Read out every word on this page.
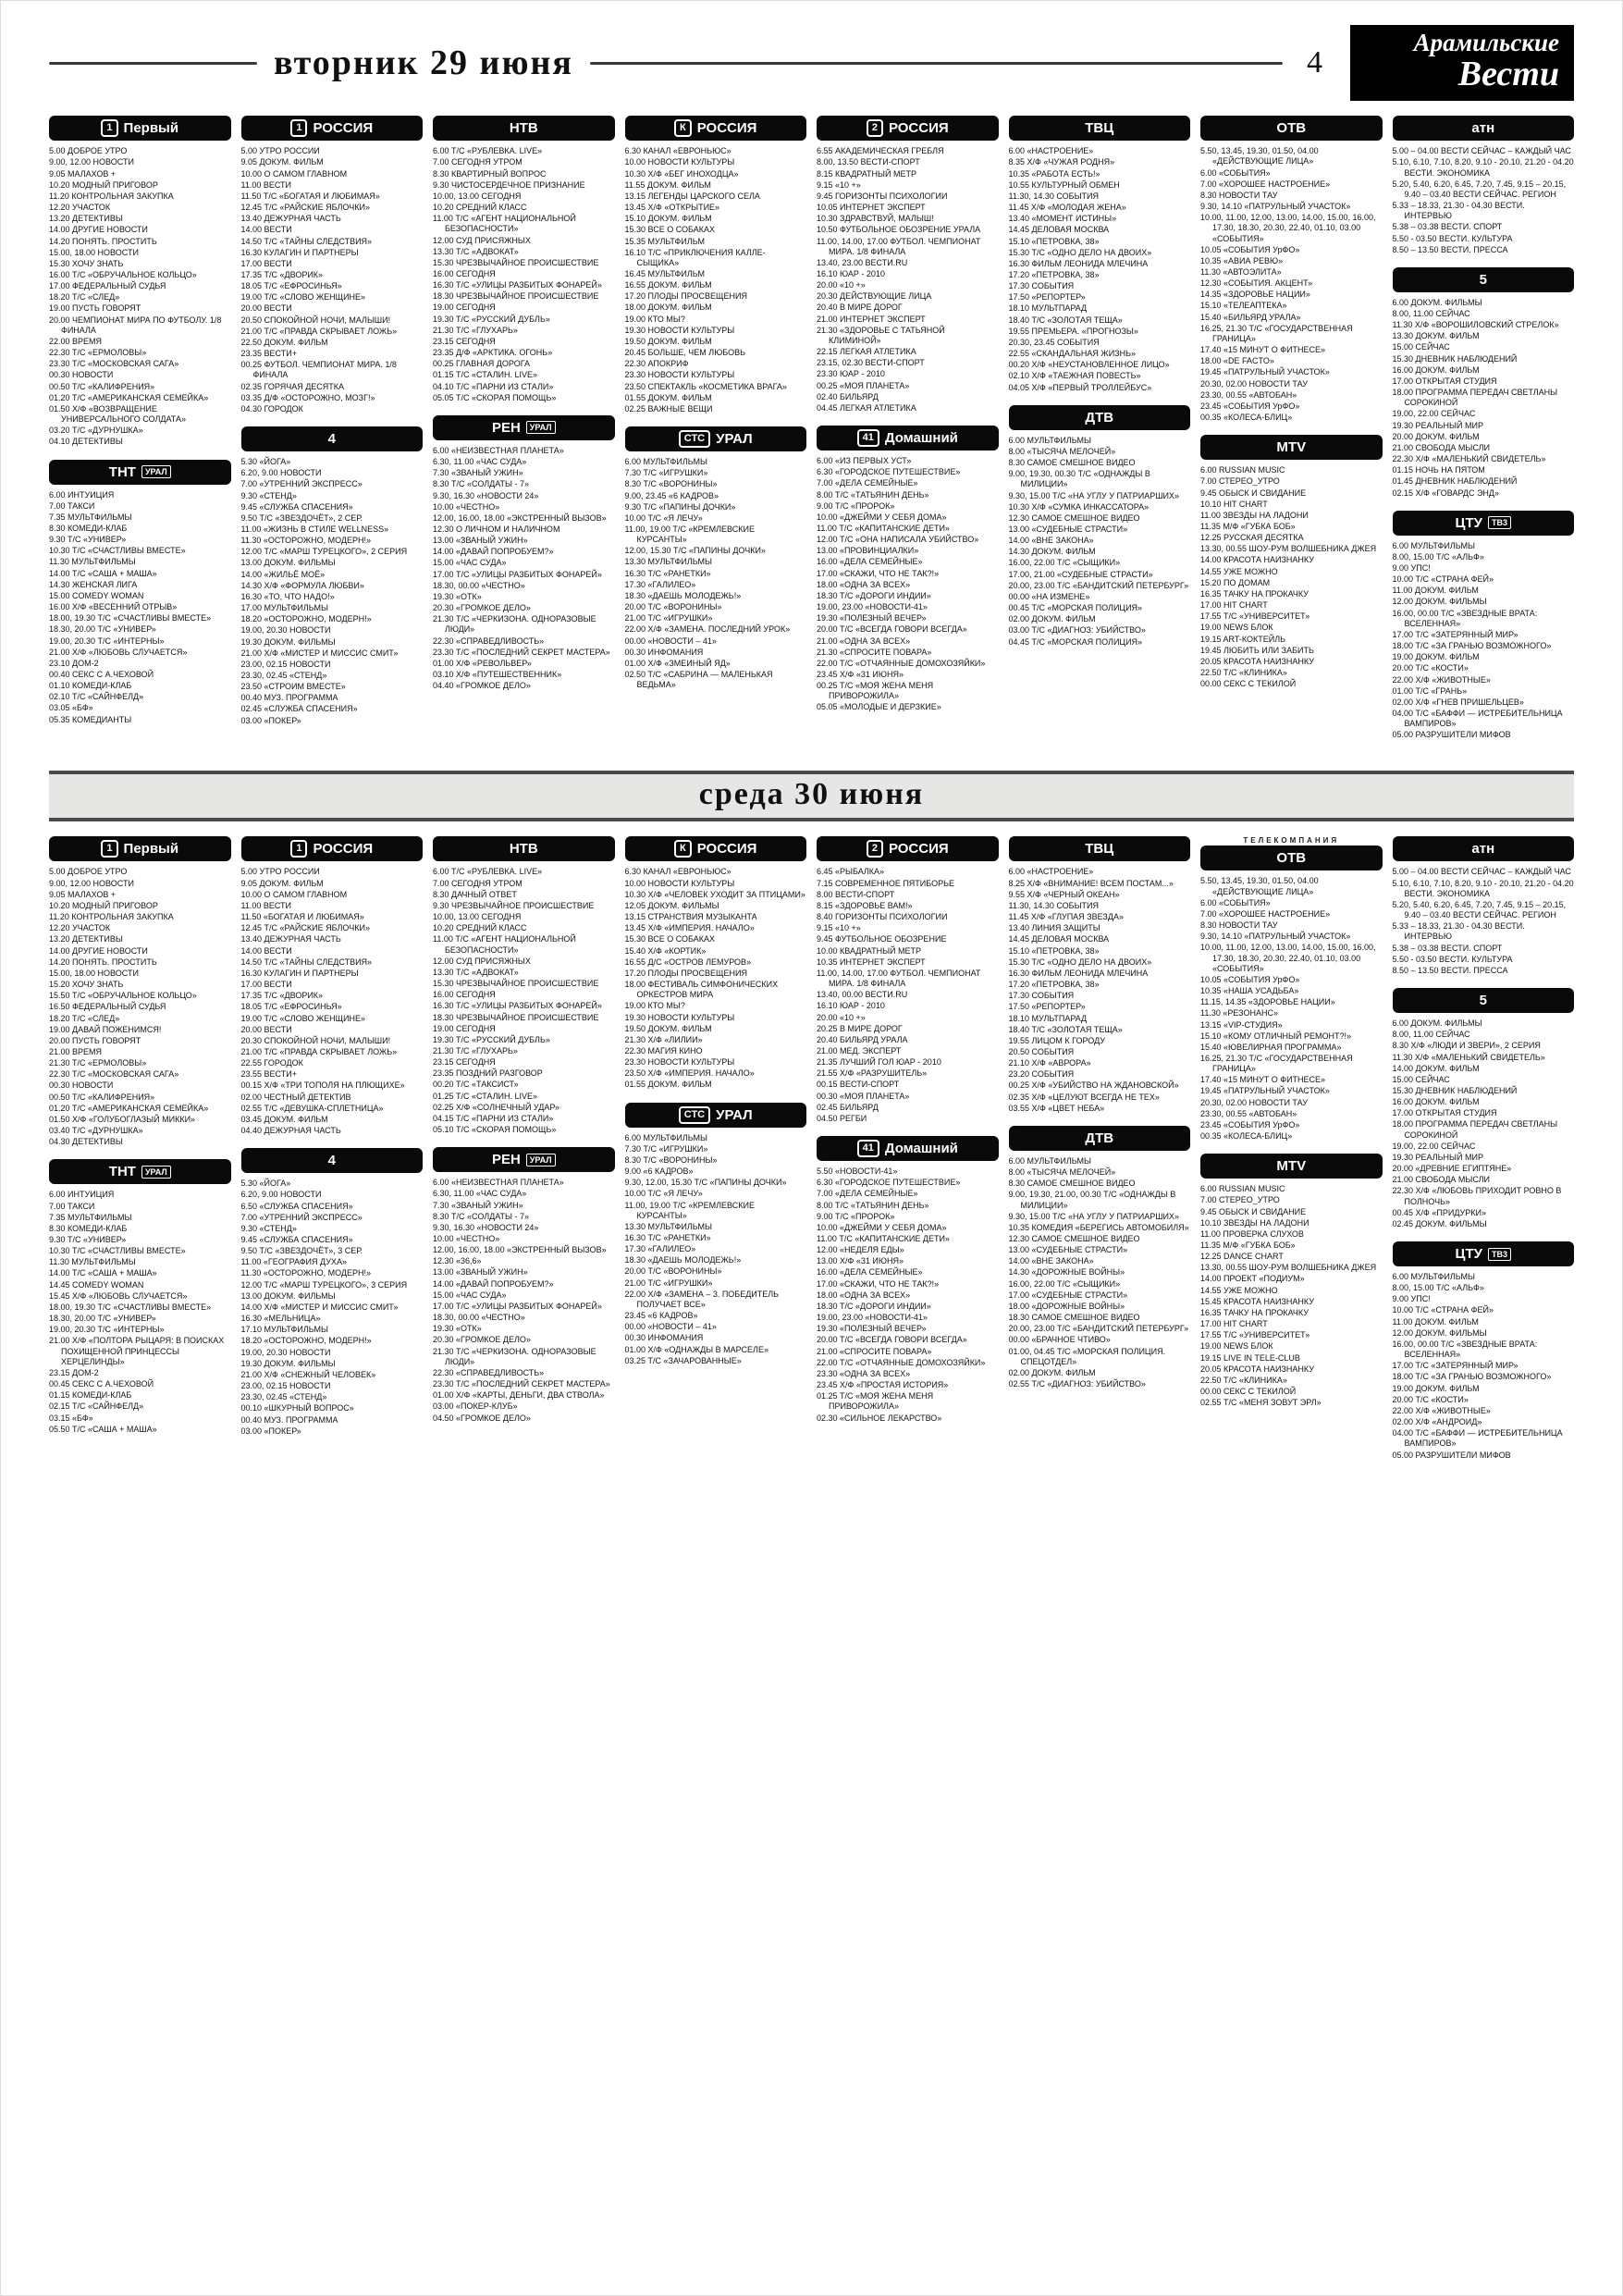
вторник 29 июня	4
Арамильские
Вести
1 Первый
5.00 ДОБРОЕ УТРО
9.00, 12.00 НОВОСТИ
9.05 МАЛАХОВ +
10.20 МОДНЫЙ ПРИГОВОР
11.20 КОНТРОЛЬНАЯ ЗАКУПКА
12.20 УЧАСТОК
13.20 ДЕТЕКТИВЫ
14.00 ДРУГИЕ НОВОСТИ
14.20 ПОНЯТЬ. ПРОСТИТЬ
15.00, 18.00 НОВОСТИ
15.30 ХОЧУ ЗНАТЬ
16.00 Т/С «ОБРУЧАЛЬНОЕ КОЛЬЦО»
17.00 ФЕДЕРАЛЬНЫЙ СУДЬЯ
18.20 Т/С «СЛЕД»
19.00 ПУСТЬ ГОВОРЯТ
20.00 ЧЕМПИОНАТ МИРА ПО ФУТБОЛУ. 1/8 ФИНАЛА
22.00 ВРЕМЯ
22.30 Т/С «ЕРМОЛОВЫ»
23.30 Т/С «МОСКОВСКАЯ САГА»
00.30 НОВОСТИ
00.50 Т/С «КАЛИФРЕНИЯ»
01.20 Т/С «АМЕРИКАНСКАЯ СЕМЕЙКА»
01.50 Х/Ф «ВОЗВРАЩЕНИЕ УНИВЕРСАЛЬНОГО СОЛДАТА»
03.20 Т/С «ДУРНУШКА»
04.10 ДЕТЕКТИВЫ
ТНТ	УРАЛ
6.00 ИНТУИЦИЯ
7.00 ТАКСИ
7.35 МУЛЬТФИЛЬМЫ
8.30 КОМЕДИ-КЛАБ
9.30 Т/С «УНИВЕР»
10.30 Т/С «СЧАСТЛИВЫ ВМЕСТЕ»
11.30 МУЛЬТФИЛЬМЫ
14.00 Т/С «САША + МАША»
14.30 ЖЕНСКАЯ ЛИГА
15.00 COMEDY WOMAN
16.00 Х/Ф «ВЕСЕННИЙ ОТРЫВ»
18.00, 19.30 Т/С «СЧАСТЛИВЫ ВМЕСТЕ»
18.30, 20.00 Т/С «УНИВЕР»
19.00, 20.30 Т/С «ИНТЕРНЫ»
21.00 Х/Ф «ЛЮБОВЬ СЛУЧАЕТСЯ»
23.10 ДОМ-2
00.40 СЕКС С А.ЧЕХОВОЙ
01.10 КОМЕДИ-КЛАБ
02.10 Т/С «САЙНФЕЛД»
03.05 «БФ»
05.35 КОМЕДИАНТЫ
1 РОССИЯ
5.00 УТРО РОССИИ
9.05 ДОКУМ. ФИЛЬМ
10.00 О САМОМ ГЛАВНОМ
11.00 ВЕСТИ
11.50 Т/С «БОГАТАЯ И ЛЮБИМАЯ»
12.45 Т/С «РАЙСКИЕ ЯБЛОЧКИ»
13.40 ДЕЖУРНАЯ ЧАСТЬ
14.00 ВЕСТИ
14.50 Т/С «ТАЙНЫ СЛЕДСТВИЯ»
16.30 КУЛАГИН И ПАРТНЕРЫ
17.00 ВЕСТИ
17.35 Т/С «ДВОРИК»
18.05 Т/С «ЕФРОСИНЬЯ»
19.00 Т/С «СЛОВО ЖЕНЩИНЕ»
20.00 ВЕСТИ
20.50 СПОКОЙНОЙ НОЧИ, МАЛЫШИ!
21.00 Т/С «ПРАВДА СКРЫВАЕТ ЛОЖЬ»
22.50 ДОКУМ. ФИЛЬМ
23.35 ВЕСТИ+
00.25 ФУТБОЛ. ЧЕМПИОНАТ МИРА. 1/8 ФИНАЛА
02.35 ГОРЯЧАЯ ДЕСЯТКА
03.35 Д/Ф «ОСТОРОЖНО, МОЗГ!»
04.30 ГОРОДОК
4
5.30 «ЙОГА»
6.20, 9.00 НОВОСТИ
7.00 «УТРЕННИЙ ЭКСПРЕСС»
9.30 «СТЕНД»
9.45 «СЛУЖБА СПАСЕНИЯ»
9.50 Т/С «ЗВЕЗДОЧЁТ», 2 СЕР.
11.00 «ЖИЗНЬ В СТИЛЕ WELLNESS»
11.30 «ОСТОРОЖНО, МОДЕРН!»
12.00 Т/С «МАРШ ТУРЕЦКОГО», 2 СЕРИЯ
13.00 ДОКУМ. ФИЛЬМЫ
14.00 «ЖИЛЬЁ МОЁ»
14.30 Х/Ф «ФОРМУЛА ЛЮБВИ»
16.30 «ТО, ЧТО НАДО!»
17.00 МУЛЬТФИЛЬМЫ
18.20 «ОСТОРОЖНО, МОДЕРН!»
19.00, 20.30 НОВОСТИ
19.30 ДОКУМ. ФИЛЬМЫ
21.00 Х/Ф «МИСТЕР И МИССИС СМИТ»
23.00, 02.15 НОВОСТИ
23.30, 02.45 «СТЕНД»
23.50 «СТРОИМ ВМЕСТЕ»
00.40 МУЗ. ПРОГРАММА
02.45 «СЛУЖБА СПАСЕНИЯ»
03.00 «ПОКЕР»
НТВ
6.00 Т/С «РУБЛЕВКА. LIVE»
7.00 СЕГОДНЯ УТРОМ
8.30 КВАРТИРНЫЙ ВОПРОС
9.30 ЧИСТОСЕРДЕЧНОЕ ПРИЗНАНИЕ
10.00, 13.00 СЕГОДНЯ
10.20 СРЕДНИЙ КЛАСС
11.00 Т/С «АГЕНТ НАЦИОНАЛЬНОЙ БЕЗОПАСНОСТИ»
12.00 СУД ПРИСЯЖНЫХ
13.30 Т/С «АДВОКАТ»
15.30 ЧРЕЗВЫЧАЙНОЕ ПРОИСШЕСТВИЕ
16.00 СЕГОДНЯ
16.30 Т/С «УЛИЦЫ РАЗБИТЫХ ФОНАРЕЙ»
18.30 ЧРЕЗВЫЧАЙНОЕ ПРОИСШЕСТВИЕ
19.00 СЕГОДНЯ
19.30 Т/С «РУССКИЙ ДУБЛЬ»
21.30 Т/С «ГЛУХАРЬ»
23.15 СЕГОДНЯ
23.35 Д/Ф «АРКТИКА. ОГОНЬ»
00.25 ГЛАВНАЯ ДОРОГА
01.15 Т/С «СТАЛИН. LIVE»
04.10 Т/С «ПАРНИ ИЗ СТАЛИ»
05.05 Т/С «СКОРАЯ ПОМОЩЬ»
РЕН	УРАЛ
6.00 «НЕИЗВЕСТНАЯ ПЛАНЕТА»
6.30, 11.00 «ЧАС СУДА»
7.30 «ЗВАНЫЙ УЖИН»
8.30 Т/С «СОЛДАТЫ - 7»
9.30, 16.30 «НОВОСТИ 24»
10.00 «ЧЕСТНО»
12.00, 16.00, 18.00 «ЭКСТРЕННЫЙ ВЫЗОВ»
12.30 О ЛИЧНОМ И НАЛИЧНОМ
13.00 «ЗВАНЫЙ УЖИН»
14.00 «ДАВАЙ ПОПРОБУЕМ?»
15.00 «ЧАС СУДА»
17.00 Т/С «УЛИЦЫ РАЗБИТЫХ ФОНАРЕЙ»
18.30, 00.00 «ЧЕСТНО»
19.30 «ОТК»
20.30 «ГРОМКОЕ ДЕЛО»
21.30 Т/С «ЧЕРКИЗОНА. ОДНОРАЗОВЫЕ ЛЮДИ»
22.30 «СПРАВЕДЛИВОСТЬ»
23.30 Т/С «ПОСЛЕДНИЙ СЕКРЕТ МАСТЕРА»
01.00 Х/Ф «РЕВОЛЬВЕР»
03.10 Х/Ф «ПУТЕШЕСТВЕННИК»
04.40 «ГРОМКОЕ ДЕЛО»
К РОССИЯ
6.30 КАНАЛ «ЕВРОНЬЮС»
10.00 НОВОСТИ КУЛЬТУРЫ
10.30 Х/Ф «БЕГ ИНОХОДЦА»
11.55 ДОКУМ. ФИЛЬМ
13.15 ЛЕГЕНДЫ ЦАРСКОГО СЕЛА
13.45 Х/Ф «ОТКРЫТИЕ»
15.10 ДОКУМ. ФИЛЬМ
15.30 ВСЕ О СОБАКАХ
15.35 МУЛЬТФИЛЬМ
16.10 Т/С «ПРИКЛЮЧЕНИЯ КАЛЛЕ-СЫЩИКА»
16.45 МУЛЬТФИЛЬМ
16.55 ДОКУМ. ФИЛЬМ
17.20 ПЛОДЫ ПРОСВЕЩЕНИЯ
18.00 ДОКУМ. ФИЛЬМ
19.00 КТО МЫ?
19.30 НОВОСТИ КУЛЬТУРЫ
19.50 ДОКУМ. ФИЛЬМ
20.45 БОЛЬШЕ, ЧЕМ ЛЮБОВЬ
22.30 АПОКРИФ
23.30 НОВОСТИ КУЛЬТУРЫ
23.50 СПЕКТАКЛЬ «КОСМЕТИКА ВРАГА»
01.55 ДОКУМ. ФИЛЬМ
02.25 ВАЖНЫЕ ВЕЩИ
СТС УРАЛ
6.00 МУЛЬТФИЛЬМЫ
7.30 Т/С «ИГРУШКИ»
8.30 Т/С «ВОРОНИНЫ»
9.00, 23.45 «6 КАДРОВ»
9.30 Т/С «ПАПИНЫ ДОЧКИ»
10.00 Т/С «Я ЛЕЧУ»
11.00, 19.00 Т/С «КРЕМЛЕВСКИЕ КУРСАНТЫ»
12.00, 15.30 Т/С «ПАПИНЫ ДОЧКИ»
13.30 МУЛЬТФИЛЬМЫ
16.30 Т/С «РАНЕТКИ»
17.30 «ГАЛИЛЕО»
18.30 «ДАЕШЬ МОЛОДЕЖЬ!»
20.00 Т/С «ВОРОНИНЫ»
21.00 Т/С «ИГРУШКИ»
22.00 Х/Ф «ЗАМЕНА. ПОСЛЕДНИЙ УРОК»
00.00 «НОВОСТИ – 41»
00.30 ИНФОМАНИЯ
01.00 Х/Ф «ЗМЕИНЫЙ ЯД»
02.50 Т/С «САБРИНА — МАЛЕНЬКАЯ ВЕДЬМА»
2 РОССИЯ
6.55 АКАДЕМИЧЕСКАЯ ГРЕБЛЯ
8.00, 13.50 ВЕСТИ-СПОРТ
8.15 КВАДРАТНЫЙ МЕТР
9.15 «10 +»
9.45 ГОРИЗОНТЫ ПСИХОЛОГИИ
10.05 ИНТЕРНЕТ ЭКСПЕРТ
10.30 ЗДРАВСТВУЙ, МАЛЫШ!
10.50 ФУТБОЛЬНОЕ ОБОЗРЕНИЕ УРАЛА
11.00, 14.00, 17.00 ФУТБОЛ. ЧЕМПИОНАТ МИРА. 1/8 ФИНАЛА
13.40, 23.00 ВЕСТИ.RU
16.10 ЮАР - 2010
20.00 «10 +»
20.30 ДЕЙСТВУЮЩИЕ ЛИЦА
20.40 В МИРЕ ДОРОГ
21.00 ИНТЕРНЕТ ЭКСПЕРТ
21.30 «ЗДОРОВЬЕ С ТАТЬЯНОЙ КЛИМИНОЙ»
22.15 ЛЕГКАЯ АТЛЕТИКА
23.15, 02.30 ВЕСТИ-СПОРТ
23.30 ЮАР - 2010
00.25 «МОЯ ПЛАНЕТА»
02.40 БИЛЬЯРД
04.45 ЛЕГКАЯ АТЛЕТИКА
41 Домашний
6.00 «ИЗ ПЕРВЫХ УСТ»
6.30 «ГОРОДСКОЕ ПУТЕШЕСТВИЕ»
7.00 «ДЕЛА СЕМЕЙНЫЕ»
8.00 Т/С «ТАТЬЯНИН ДЕНЬ»
9.00 Т/С «ПРОРОК»
10.00 «ДЖЕЙМИ У СЕБЯ ДОМА»
11.00 Т/С «КАПИТАНСКИЕ ДЕТИ»
12.00 Т/С «ОНА НАПИСАЛА УБИЙСТВО»
13.00 «ПРОВИНЦИАЛКИ»
16.00 «ДЕЛА СЕМЕЙНЫЕ»
17.00 «СКАЖИ, ЧТО НЕ ТАК?!»
18.00 «ОДНА ЗА ВСЕХ»
18.30 Т/С «ДОРОГИ ИНДИИ»
19.00, 23.00 «НОВОСТИ-41»
19.30 «ПОЛЕЗНЫЙ ВЕЧЕР»
20.00 Т/С «ВСЕГДА ГОВОРИ ВСЕГДА»
21.00 «ОДНА ЗА ВСЕХ»
21.30 «СПРОСИТЕ ПОВАРА»
22.00 Т/С «ОТЧАЯННЫЕ ДОМОХОЗЯЙКИ»
23.45 Х/Ф «31 ИЮНЯ»
00.25 Т/С «МОЯ ЖЕНА МЕНЯ ПРИВОРОЖИЛА»
05.05 «МОЛОДЫЕ И ДЕРЗКИЕ»
ТВЦ
6.00 «НАСТРОЕНИЕ»
8.35 Х/Ф «ЧУЖАЯ РОДНЯ»
10.35 «РАБОТА ЕСТЬ!»
10.55 КУЛЬТУРНЫЙ ОБМЕН
11.30, 14.30 СОБЫТИЯ
11.45 Х/Ф «МОЛОДАЯ ЖЕНА»
13.40 «МОМЕНТ ИСТИНЫ»
14.45 ДЕЛОВАЯ МОСКВА
15.10 «ПЕТРОВКА, 38»
15.30 Т/С «ОДНО ДЕЛО НА ДВОИХ»
16.30 ФИЛЬМ ЛЕОНИДА МЛЕЧИНА
17.20 «ПЕТРОВКА, 38»
17.30 СОБЫТИЯ
17.50 «РЕПОРТЕР»
18.10 МУЛЬТПАРАД
18.40 Т/С «ЗОЛОТАЯ ТЕЩА»
19.55 ПРЕМЬЕРА. «ПРОГНОЗЫ»
20.30, 23.45 СОБЫТИЯ
22.55 «СКАНДАЛЬНАЯ ЖИЗНЬ»
00.20 Х/Ф «НЕУСТАНОВЛЕННОЕ ЛИЦО»
02.10 Х/Ф «ТАЕЖНАЯ ПОВЕСТЬ»
04.05 Х/Ф «ПЕРВЫЙ ТРОЛЛЕЙБУС»
ДТВ
6.00 МУЛЬТФИЛЬМЫ
8.00 «ТЫСЯЧА МЕЛОЧЕЙ»
8.30 САМОЕ СМЕШНОЕ ВИДЕО
9.00, 19.30, 00.30 Т/С «ОДНАЖДЫ В МИЛИЦИИ»
9.30, 15.00 Т/С «НА УГЛУ У ПАТРИАРШИХ»
10.30 Х/Ф «СУМКА ИНКАССАТОРА»
12.30 САМОЕ СМЕШНОЕ ВИДЕО
13.00 «СУДЕБНЫЕ СТРАСТИ»
14.00 «ВНЕ ЗАКОНА»
14.30 ДОКУМ. ФИЛЬМ
16.00, 22.00 Т/С «СЫЩИКИ»
17.00, 21.00 «СУДЕБНЫЕ СТРАСТИ»
20.00, 23.00 Т/С «БАНДИТСКИЙ ПЕТЕРБУРГ»
00.00 «НА ИЗМЕНЕ»
00.45 Т/С «МОРСКАЯ ПОЛИЦИЯ»
02.00 ДОКУМ. ФИЛЬМ
03.00 Т/С «ДИАГНОЗ: УБИЙСТВО»
04.45 Т/С «МОРСКАЯ ПОЛИЦИЯ»
ОТВ
5.50, 13.45, 19.30, 01.50, 04.00 «ДЕЙСТВУЮЩИЕ ЛИЦА»
6.00 «СОБЫТИЯ»
7.00 «ХОРОШЕЕ НАСТРОЕНИЕ»
8.30 НОВОСТИ ТАУ
9.30, 14.10 «ПАТРУЛЬНЫЙ УЧАСТОК»
10.00, 11.00, 12.00, 13.00, 14.00, 15.00, 16.00, 17.30, 18.30, 20.30, 22.40, 01.10, 03.00 «СОБЫТИЯ»
10.05 «СОБЫТИЯ УрФО»
10.35 «АВИА РЕВЮ»
11.30 «АВТОЭЛИТА»
12.30 «СОБЫТИЯ. АКЦЕНТ»
14.35 «ЗДОРОВЬЕ НАЦИИ»
15.10 «ТЕЛЕАПТЕКА»
15.40 «БИЛЬЯРД УРАЛА»
16.25, 21.30 Т/С «ГОСУДАРСТВЕННАЯ ГРАНИЦА»
17.40 «15 МИНУТ О ФИТНЕСЕ»
18.00 «DE FACTO»
19.45 «ПАТРУЛЬНЫЙ УЧАСТОК»
20.30, 02.00 НОВОСТИ ТАУ
23.30, 00.55 «АВТОБАН»
23.45 «СОБЫТИЯ УрФО»
00.35 «КОЛЕСА-БЛИЦ»
MTV
6.00 RUSSIAN MUSIC
7.00 СТЕРЕО_УТРО
9.45 ОБЫСК И СВИДАНИЕ
10.10 HIT CHART
11.00 ЗВЕЗДЫ НА ЛАДОНИ
11.35 М/Ф «ГУБКА БОБ»
12.25 РУССКАЯ ДЕСЯТКА
13.30, 00.55 ШОУ-РУМ ВОЛШЕБНИКА ДЖЕЯ
14.00 КРАСОТА НАИЗНАНКУ
14.55 УЖЕ МОЖНО
15.20 ПО ДОМАМ
16.35 ТАЧКУ НА ПРОКАЧКУ
17.00 HIT CHART
17.55 Т/С «УНИВЕРСИТЕТ»
19.00 NEWS БЛОК
19.15 ART-КОКТЕЙЛЬ
19.45 ЛЮБИТЬ ИЛИ ЗАБИТЬ
20.05 КРАСОТА НАИЗНАНКУ
22.50 Т/С «КЛИНИКА»
00.00 СЕКС С ТЕКИЛОЙ
атн
5.00 – 04.00 ВЕСТИ СЕЙЧАС – КАЖДЫЙ ЧАС
5.10, 6.10, 7.10, 8.20, 9.10 - 20.10, 21.20 - 04.20 ВЕСТИ. ЭКОНОМИКА
5.20, 5.40, 6.20, 6.45, 7.20, 7.45, 9.15 – 20.15, 9.40 – 03.40 ВЕСТИ СЕЙЧАС. РЕГИОН
5.33 – 18.33, 21.30 - 04.30 ВЕСТИ. ИНТЕРВЬЮ
5.38 – 03.38 ВЕСТИ. СПОРТ
5.50 - 03.50 ВЕСТИ. КУЛЬТУРА
8.50 – 13.50 ВЕСТИ. ПРЕССА
5
6.00 ДОКУМ. ФИЛЬМЫ
8.00, 11.00 СЕЙЧАС
11.30 Х/Ф «ВОРОШИЛОВСКИЙ СТРЕЛОК»
13.30 ДОКУМ. ФИЛЬМ
15.00 СЕЙЧАС
15.30 ДНЕВНИК НАБЛЮДЕНИЙ
16.00 ДОКУМ. ФИЛЬМ
17.00 ОТКРЫТАЯ СТУДИЯ
18.00 ПРОГРАММА ПЕРЕДАЧ СВЕТЛАНЫ СОРОКИНОЙ
19.00, 22.00 СЕЙЧАС
19.30 РЕАЛЬНЫЙ МИР
20.00 ДОКУМ. ФИЛЬМ
21.00 СВОБОДА МЫСЛИ
22.30 Х/Ф «МАЛЕНЬКИЙ СВИДЕТЕЛЬ»
01.15 НОЧЬ НА ПЯТОМ
01.45 ДНЕВНИК НАБЛЮДЕНИЙ
02.15 Х/Ф «ГОВАРДС ЭНД»
ЦТУ	ТВ3
6.00 МУЛЬТФИЛЬМЫ
8.00, 15.00 Т/С «АЛЬФ»
9.00 УПС!
10.00 Т/С «СТРАНА ФЕЙ»
11.00 ДОКУМ. ФИЛЬМ
12.00 ДОКУМ. ФИЛЬМЫ
16.00, 00.00 Т/С «ЗВЕЗДНЫЕ ВРАТА: ВСЕЛЕННАЯ»
17.00 Т/С «ЗАТЕРЯННЫЙ МИР»
18.00 Т/С «ЗА ГРАНЬЮ ВОЗМОЖНОГО»
19.00 ДОКУМ. ФИЛЬМ
20.00 Т/С «КОСТИ»
22.00 Х/Ф «ЖИВОТНЫЕ»
01.00 Т/С «ГРАНЬ»
02.00 Х/Ф «ГНЕВ ПРИШЕЛЬЦЕВ»
04.00 Т/С «БАФФИ — ИСТРЕБИТЕЛЬНИЦА ВАМПИРОВ»
05.00 РАЗРУШИТЕЛИ МИФОВ
среда 30 июня
1 Первый
5.00 ДОБРОЕ УТРО
9.00, 12.00 НОВОСТИ
9.05 МАЛАХОВ +
10.20 МОДНЫЙ ПРИГОВОР
11.20 КОНТРОЛЬНАЯ ЗАКУПКА
12.20 УЧАСТОК
13.20 ДЕТЕКТИВЫ
14.00 ДРУГИЕ НОВОСТИ
14.20 ПОНЯТЬ. ПРОСТИТЬ
15.00, 18.00 НОВОСТИ
15.20 ХОЧУ ЗНАТЬ
15.50 Т/С «ОБРУЧАЛЬНОЕ КОЛЬЦО»
16.50 ФЕДЕРАЛЬНЫЙ СУДЬЯ
18.20 Т/С «СЛЕД»
19.00 ДАВАЙ ПОЖЕНИМСЯ!
20.00 ПУСТЬ ГОВОРЯТ
21.00 ВРЕМЯ
21.30 Т/С «ЕРМОЛОВЫ»
22.30 Т/С «МОСКОВСКАЯ САГА»
00.30 НОВОСТИ
00.50 Т/С «КАЛИФРЕНИЯ»
01.20 Т/С «АМЕРИКАНСКАЯ СЕМЕЙКА»
01.50 Х/Ф «ГОЛУБОГЛАЗЫЙ МИККИ»
03.40 Т/С «ДУРНУШКА»
04.30 ДЕТЕКТИВЫ
ТНТ	УРАЛ
6.00 ИНТУИЦИЯ
7.00 ТАКСИ
7.35 МУЛЬТФИЛЬМЫ
8.30 КОМЕДИ-КЛАБ
9.30 Т/С «УНИВЕР»
10.30 Т/С «СЧАСТЛИВЫ ВМЕСТЕ»
11.30 МУЛЬТФИЛЬМЫ
14.00 Т/С «САША + МАША»
14.45 COMEDY WOMAN
15.45 Х/Ф «ЛЮБОВЬ СЛУЧАЕТСЯ»
18.00, 19.30 Т/С «СЧАСТЛИВЫ ВМЕСТЕ»
18.30, 20.00 Т/С «УНИВЕР»
19.00, 20.30 Т/С «ИНТЕРНЫ»
21.00 Х/Ф «ПОЛТОРА РЫЦАРЯ: В ПОИСКАХ ПОХИЩЕННОЙ ПРИНЦЕССЫ ХЕРЦЕЛИНДЫ»
23.15 ДОМ-2
00.45 СЕКС С А.ЧЕХОВОЙ
01.15 КОМЕДИ-КЛАБ
02.15 Т/С «САЙНФЕЛД»
03.15 «БФ»
05.50 Т/С «САША + МАША»
1 РОССИЯ
5.00 УТРО РОССИИ
9.05 ДОКУМ. ФИЛЬМ
10.00 О САМОМ ГЛАВНОМ
11.00 ВЕСТИ
11.50 «БОГАТАЯ И ЛЮБИМАЯ»
12.45 Т/С «РАЙСКИЕ ЯБЛОЧКИ»
13.40 ДЕЖУРНАЯ ЧАСТЬ
14.00 ВЕСТИ
14.50 Т/С «ТАЙНЫ СЛЕДСТВИЯ»
16.30 КУЛАГИН И ПАРТНЕРЫ
17.00 ВЕСТИ
17.35 Т/С «ДВОРИК»
18.05 Т/С «ЕФРОСИНЬЯ»
19.00 Т/С «СЛОВО ЖЕНЩИНЕ»
20.00 ВЕСТИ
20.30 СПОКОЙНОЙ НОЧИ, МАЛЫШИ!
21.00 Т/С «ПРАВДА СКРЫВАЕТ ЛОЖЬ»
22.55 ГОРОДОК
23.55 ВЕСТИ+
00.15 Х/Ф «ТРИ ТОПОЛЯ НА ПЛЮЩИХЕ»
02.00 ЧЕСТНЫЙ ДЕТЕКТИВ
02.55 Т/С «ДЕВУШКА-СПЛЕТНИЦА»
03.45 ДОКУМ. ФИЛЬМ
04.40 ДЕЖУРНАЯ ЧАСТЬ
4
5.30 «ЙОГА»
6.20, 9.00 НОВОСТИ
6.50 «СЛУЖБА СПАСЕНИЯ»
7.00 «УТРЕННИЙ ЭКСПРЕСС»
9.30 «СТЕНД»
9.45 «СЛУЖБА СПАСЕНИЯ»
9.50 Т/С «ЗВЕЗДОЧЁТ», 3 СЕР.
11.00 «ГЕОГРАФИЯ ДУХА»
11.30 «ОСТОРОЖНО, МОДЕРН!»
12.00 Т/С «МАРШ ТУРЕЦКОГО», 3 СЕРИЯ
13.00 ДОКУМ. ФИЛЬМЫ
14.00 Х/Ф «МИСТЕР И МИССИС СМИТ»
16.30 «МЕЛЬНИЦА»
17.10 МУЛЬТФИЛЬМЫ
18.20 «ОСТОРОЖНО, МОДЕРН!»
19.00, 20.30 НОВОСТИ
19.30 ДОКУМ. ФИЛЬМЫ
21.00 Х/Ф «СНЕЖНЫЙ ЧЕЛОВЕК»
23.00, 02.15 НОВОСТИ
23.30, 02.45 «СТЕНД»
00.10 «ШКУРНЫЙ ВОПРОС»
00.40 МУЗ. ПРОГРАММА
03.00 «ПОКЕР»
НТВ
6.00 Т/С «РУБЛЕВКА. LIVE»
7.00 СЕГОДНЯ УТРОМ
8.30 ДАЧНЫЙ ОТВЕТ
9.30 ЧРЕЗВЫЧАЙНОЕ ПРОИСШЕСТВИЕ
10.00, 13.00 СЕГОДНЯ
10.20 СРЕДНИЙ КЛАСС
11.00 Т/С «АГЕНТ НАЦИОНАЛЬНОЙ БЕЗОПАСНОСТИ»
12.00 СУД ПРИСЯЖНЫХ
13.30 Т/С «АДВОКАТ»
15.30 ЧРЕЗВЫЧАЙНОЕ ПРОИСШЕСТВИЕ
16.00 СЕГОДНЯ
16.30 Т/С «УЛИЦЫ РАЗБИТЫХ ФОНАРЕЙ»
18.30 ЧРЕЗВЫЧАЙНОЕ ПРОИСШЕСТВИЕ
19.00 СЕГОДНЯ
19.30 Т/С «РУССКИЙ ДУБЛЬ»
21.30 Т/С «ГЛУХАРЬ»
23.15 СЕГОДНЯ
23.35 ПОЗДНИЙ РАЗГОВОР
00.20 Т/С «ТАКСИСТ»
01.25 Т/С «СТАЛИН. LIVE»
02.25 Х/Ф «СОЛНЕЧНЫЙ УДАР»
04.15 Т/С «ПАРНИ ИЗ СТАЛИ»
05.10 Т/С «СКОРАЯ ПОМОЩЬ»
РЕН	УРАЛ
6.00 «НЕИЗВЕСТНАЯ ПЛАНЕТА»
6.30, 11.00 «ЧАС СУДА»
7.30 «ЗВАНЫЙ УЖИН»
8.30 Т/С «СОЛДАТЫ - 7»
9.30, 16.30 «НОВОСТИ 24»
10.00 «ЧЕСТНО»
12.00, 16.00, 18.00 «ЭКСТРЕННЫЙ ВЫЗОВ»
12.30 «36,6»
13.00 «ЗВАНЫЙ УЖИН»
14.00 «ДАВАЙ ПОПРОБУЕМ?»
15.00 «ЧАС СУДА»
17.00 Т/С «УЛИЦЫ РАЗБИТЫХ ФОНАРЕЙ»
18.30, 00.00 «ЧЕСТНО»
19.30 «ОТК»
20.30 «ГРОМКОЕ ДЕЛО»
21.30 Т/С «ЧЕРКИЗОНА. ОДНОРАЗОВЫЕ ЛЮДИ»
22.30 «СПРАВЕДЛИВОСТЬ»
23.30 Т/С «ПОСЛЕДНИЙ СЕКРЕТ МАСТЕРА»
01.00 Х/Ф «КАРТЫ, ДЕНЬГИ, ДВА СТВОЛА»
03.00 «ПОКЕР-КЛУБ»
04.50 «ГРОМКОЕ ДЕЛО»
К РОССИЯ
6.30 КАНАЛ «ЕВРОНЬЮС»
10.00 НОВОСТИ КУЛЬТУРЫ
10.30 Х/Ф «ЧЕЛОВЕК УХОДИТ ЗА ПТИЦАМИ»
12.05 ДОКУМ. ФИЛЬМЫ
13.15 СТРАНСТВИЯ МУЗЫКАНТА
13.45 Х/Ф «ИМПЕРИЯ. НАЧАЛО»
15.30 ВСЕ О СОБАКАХ
15.40 Х/Ф «КОРТИК»
16.55 Д/С «ОСТРОВ ЛЕМУРОВ»
17.20 ПЛОДЫ ПРОСВЕЩЕНИЯ
18.00 ФЕСТИВАЛЬ СИМФОНИЧЕСКИХ ОРКЕСТРОВ МИРА
19.00 КТО МЫ?
19.30 НОВОСТИ КУЛЬТУРЫ
19.50 ДОКУМ. ФИЛЬМ
21.30 Х/Ф «ЛИЛИИ»
22.30 МАГИЯ КИНО
23.30 НОВОСТИ КУЛЬТУРЫ
23.50 Х/Ф «ИМПЕРИЯ. НАЧАЛО»
01.55 ДОКУМ. ФИЛЬМ
СТС УРАЛ
6.00 МУЛЬТФИЛЬМЫ
7.30 Т/С «ИГРУШКИ»
8.30 Т/С «ВОРОНИНЫ»
9.00 «6 КАДРОВ»
9.30, 12.00, 15.30 Т/С «ПАПИНЫ ДОЧКИ»
10.00 Т/С «Я ЛЕЧУ»
11.00, 19.00 Т/С «КРЕМЛЕВСКИЕ КУРСАНТЫ»
13.30 МУЛЬТФИЛЬМЫ
16.30 Т/С «РАНЕТКИ»
17.30 «ГАЛИЛЕО»
18.30 «ДАЕШЬ МОЛОДЕЖЬ!»
20.00 Т/С «ВОРОНИНЫ»
21.00 Т/С «ИГРУШКИ»
22.00 Х/Ф «ЗАМЕНА – 3. ПОБЕДИТЕЛЬ ПОЛУЧАЕТ ВСЕ»
23.45 «6 КАДРОВ»
00.00 «НОВОСТИ – 41»
00.30 ИНФОМАНИЯ
01.00 Х/Ф «ОДНАЖДЫ В МАРСЕЛЕ»
03.25 Т/С «ЗАЧАРОВАННЫЕ»
2 РОССИЯ
6.45 «РЫБАЛКА»
7.15 СОВРЕМЕННОЕ ПЯТИБОРЬЕ
8.00 ВЕСТИ-СПОРТ
8.15 «ЗДОРОВЬЕ ВАМ!»
8.40 ГОРИЗОНТЫ ПСИХОЛОГИИ
9.15 «10 +»
9.45 ФУТБОЛЬНОЕ ОБОЗРЕНИЕ
10.00 КВАДРАТНЫЙ МЕТР
10.35 ИНТЕРНЕТ ЭКСПЕРТ
11.00, 14.00, 17.00 ФУТБОЛ. ЧЕМПИОНАТ МИРА. 1/8 ФИНАЛА
13.40, 00.00 ВЕСТИ.RU
16.10 ЮАР - 2010
20.00 «10 +»
20.25 В МИРЕ ДОРОГ
20.40 БИЛЬЯРД УРАЛА
21.00 МЕД. ЭКСПЕРТ
21.35 ЛУЧШИЙ ГОЛ ЮАР - 2010
21.55 Х/Ф «РАЗРУШИТЕЛЬ»
00.15 ВЕСТИ-СПОРТ
00.30 «МОЯ ПЛАНЕТА»
02.45 БИЛЬЯРД
04.50 РЕГБИ
41 Домашний
5.50 «НОВОСТИ-41»
6.30 «ГОРОДСКОЕ ПУТЕШЕСТВИЕ»
7.00 «ДЕЛА СЕМЕЙНЫЕ»
8.00 Т/С «ТАТЬЯНИН ДЕНЬ»
9.00 Т/С «ПРОРОК»
10.00 «ДЖЕЙМИ У СЕБЯ ДОМА»
11.00 Т/С «КАПИТАНСКИЕ ДЕТИ»
12.00 «НЕДЕЛЯ ЕДЫ»
13.00 Х/Ф «31 ИЮНЯ»
16.00 «ДЕЛА СЕМЕЙНЫЕ»
17.00 «СКАЖИ, ЧТО НЕ ТАК?!»
18.00 «ОДНА ЗА ВСЕХ»
18.30 Т/С «ДОРОГИ ИНДИИ»
19.00, 23.00 «НОВОСТИ-41»
19.30 «ПОЛЕЗНЫЙ ВЕЧЕР»
20.00 Т/С «ВСЕГДА ГОВОРИ ВСЕГДА»
21.00 «СПРОСИТЕ ПОВАРА»
22.00 Т/С «ОТЧАЯННЫЕ ДОМОХОЗЯЙКИ»
23.30 «ОДНА ЗА ВСЕХ»
23.45 Х/Ф «ПРОСТАЯ ИСТОРИЯ»
01.25 Т/С «МОЯ ЖЕНА МЕНЯ ПРИВОРОЖИЛА»
02.30 «СИЛЬНОЕ ЛЕКАРСТВО»
ТВЦ
6.00 «НАСТРОЕНИЕ»
8.25 Х/Ф «ВНИМАНИЕ! ВСЕМ ПОСТАМ...»
9.55 Х/Ф «ЧЕРНЫЙ ОКЕАН»
11.30, 14.30 СОБЫТИЯ
11.45 Х/Ф «ГЛУПАЯ ЗВЕЗДА»
13.40 ЛИНИЯ ЗАЩИТЫ
14.45 ДЕЛОВАЯ МОСКВА
15.10 «ПЕТРОВКА, 38»
15.30 Т/С «ОДНО ДЕЛО НА ДВОИХ»
16.30 ФИЛЬМ ЛЕОНИДА МЛЕЧИНА
17.20 «ПЕТРОВКА, 38»
17.30 СОБЫТИЯ
17.50 «РЕПОРТЕР»
18.10 МУЛЬТПАРАД
18.40 Т/С «ЗОЛОТАЯ ТЕЩА»
19.55 ЛИЦОМ К ГОРОДУ
20.50 СОБЫТИЯ
21.10 Х/Ф «АВРОРА»
23.20 СОБЫТИЯ
00.25 Х/Ф «УБИЙСТВО НА ЖДАНОВСКОЙ»
02.35 Х/Ф «ЦЕЛУЮТ ВСЕГДА НЕ ТЕХ»
03.55 Х/Ф «ЦВЕТ НЕБА»
ДТВ
6.00 МУЛЬТФИЛЬМЫ
8.00 «ТЫСЯЧА МЕЛОЧЕЙ»
8.30 САМОЕ СМЕШНОЕ ВИДЕО
9.00, 19.30, 21.00, 00.30 Т/С «ОДНАЖДЫ В МИЛИЦИИ»
9.30, 15.00 Т/С «НА УГЛУ У ПАТРИАРШИХ»
10.35 КОМЕДИЯ «БЕРЕГИСЬ АВТОМОБИЛЯ»
12.30 САМОЕ СМЕШНОЕ ВИДЕО
13.00 «СУДЕБНЫЕ СТРАСТИ»
14.00 «ВНЕ ЗАКОНА»
14.30 «ДОРОЖНЫЕ ВОЙНЫ»
16.00, 22.00 Т/С «СЫЩИКИ»
17.00 «СУДЕБНЫЕ СТРАСТИ»
18.00 «ДОРОЖНЫЕ ВОЙНЫ»
18.30 САМОЕ СМЕШНОЕ ВИДЕО
20.00, 23.00 Т/С «БАНДИТСКИЙ ПЕТЕРБУРГ»
00.00 «БРАЧНОЕ ЧТИВО»
01.00, 04.45 Т/С «МОРСКАЯ ПОЛИЦИЯ. СПЕЦОТДЕЛ»
02.00 ДОКУМ. ФИЛЬМ
02.55 Т/С «ДИАГНОЗ: УБИЙСТВО»
ТЕЛЕКОМПАНИЯ
ОТВ
5.50, 13.45, 19.30, 01.50, 04.00 «ДЕЙСТВУЮЩИЕ ЛИЦА»
6.00 «СОБЫТИЯ»
7.00 «ХОРОШЕЕ НАСТРОЕНИЕ»
8.30 НОВОСТИ ТАУ
9.30, 14.10 «ПАТРУЛЬНЫЙ УЧАСТОК»
10.00, 11.00, 12.00, 13.00, 14.00, 15.00, 16.00, 17.30, 18.30, 20.30, 22.40, 01.10, 03.00 «СОБЫТИЯ»
10.05 «СОБЫТИЯ УрФО»
10.35 «НАША УСАДЬБА»
11.15, 14.35 «ЗДОРОВЬЕ НАЦИИ»
11.30 «РЕЗОНАНС»
13.15 «VIP-СТУДИЯ»
15.10 «КОМУ ОТЛИЧНЫЙ РЕМОНТ?!»
15.40 «ЮВЕЛИРНАЯ ПРОГРАММА»
16.25, 21.30 Т/С «ГОСУДАРСТВЕННАЯ ГРАНИЦА»
17.40 «15 МИНУТ О ФИТНЕСЕ»
19.45 «ПАТРУЛЬНЫЙ УЧАСТОК»
20.30, 02.00 НОВОСТИ ТАУ
23.30, 00.55 «АВТОБАН»
23.45 «СОБЫТИЯ УрФО»
00.35 «КОЛЕСА-БЛИЦ»
MTV
6.00 RUSSIAN MUSIC
7.00 СТЕРЕО_УТРО
9.45 ОБЫСК И СВИДАНИЕ
10.10 ЗВЕЗДЫ НА ЛАДОНИ
11.00 ПРОВЕРКА СЛУХОВ
11.35 М/Ф «ГУБКА БОБ»
12.25 DANCE CHART
13.30, 00.55 ШОУ-РУМ ВОЛШЕБНИКА ДЖЕЯ
14.00 ПРОЕКТ «ПОДИУМ»
14.55 УЖЕ МОЖНО
15.45 КРАСОТА НАИЗНАНКУ
16.35 ТАЧКУ НА ПРОКАЧКУ
17.00 HIT CHART
17.55 Т/С «УНИВЕРСИТЕТ»
19.00 NEWS БЛОК
19.15 LIVE IN TELE-CLUB
20.05 КРАСОТА НАИЗНАНКУ
22.50 Т/С «КЛИНИКА»
00.00 СЕКС С ТЕКИЛОЙ
02.55 Т/С «МЕНЯ ЗОВУТ ЭРЛ»
атн
5.00 – 04.00 ВЕСТИ СЕЙЧАС – КАЖДЫЙ ЧАС
5.10, 6.10, 7.10, 8.20, 9.10 - 20.10, 21.20 - 04.20 ВЕСТИ. ЭКОНОМИКА
5.20, 5.40, 6.20, 6.45, 7.20, 7.45, 9.15 – 20.15, 9.40 – 03.40 ВЕСТИ СЕЙЧАС. РЕГИОН
5.33 – 18.33, 21.30 - 04.30 ВЕСТИ. ИНТЕРВЬЮ
5.38 – 03.38 ВЕСТИ. СПОРТ
5.50 - 03.50 ВЕСТИ. КУЛЬТУРА
8.50 – 13.50 ВЕСТИ. ПРЕССА
5
6.00 ДОКУМ. ФИЛЬМЫ
8.00, 11.00 СЕЙЧАС
8.30 Х/Ф «ЛЮДИ И ЗВЕРИ», 2 СЕРИЯ
11.30 Х/Ф «МАЛЕНЬКИЙ СВИДЕТЕЛЬ»
14.00 ДОКУМ. ФИЛЬМ
15.00 СЕЙЧАС
15.30 ДНЕВНИК НАБЛЮДЕНИЙ
16.00 ДОКУМ. ФИЛЬМ
17.00 ОТКРЫТАЯ СТУДИЯ
18.00 ПРОГРАММА ПЕРЕДАЧ СВЕТЛАНЫ СОРОКИНОЙ
19.00, 22.00 СЕЙЧАС
19.30 РЕАЛЬНЫЙ МИР
20.00 «ДРЕВНИЕ ЕГИПТЯНЕ»
21.00 СВОБОДА МЫСЛИ
22.30 Х/Ф «ЛЮБОВЬ ПРИХОДИТ РОВНО В ПОЛНОЧЬ»
00.45 Х/Ф «ПРИДУРКИ»
02.45 ДОКУМ. ФИЛЬМЫ
ЦТУ	ТВ3
6.00 МУЛЬТФИЛЬМЫ
8.00, 15.00 Т/С «АЛЬФ»
9.00 УПС!
10.00 Т/С «СТРАНА ФЕЙ»
11.00 ДОКУМ. ФИЛЬМ
12.00 ДОКУМ. ФИЛЬМЫ
16.00, 00.00 Т/С «ЗВЕЗДНЫЕ ВРАТА: ВСЕЛЕННАЯ»
17.00 Т/С «ЗАТЕРЯННЫЙ МИР»
18.00 Т/С «ЗА ГРАНЬЮ ВОЗМОЖНОГО»
19.00 ДОКУМ. ФИЛЬМ
20.00 Т/С «КОСТИ»
22.00 Х/Ф «ЖИВОТНЫЕ»
02.00 Х/Ф «АНДРОИД»
04.00 Т/С «БАФФИ — ИСТРЕБИТЕЛЬНИЦА ВАМПИРОВ»
05.00 РАЗРУШИТЕЛИ МИФОВ
